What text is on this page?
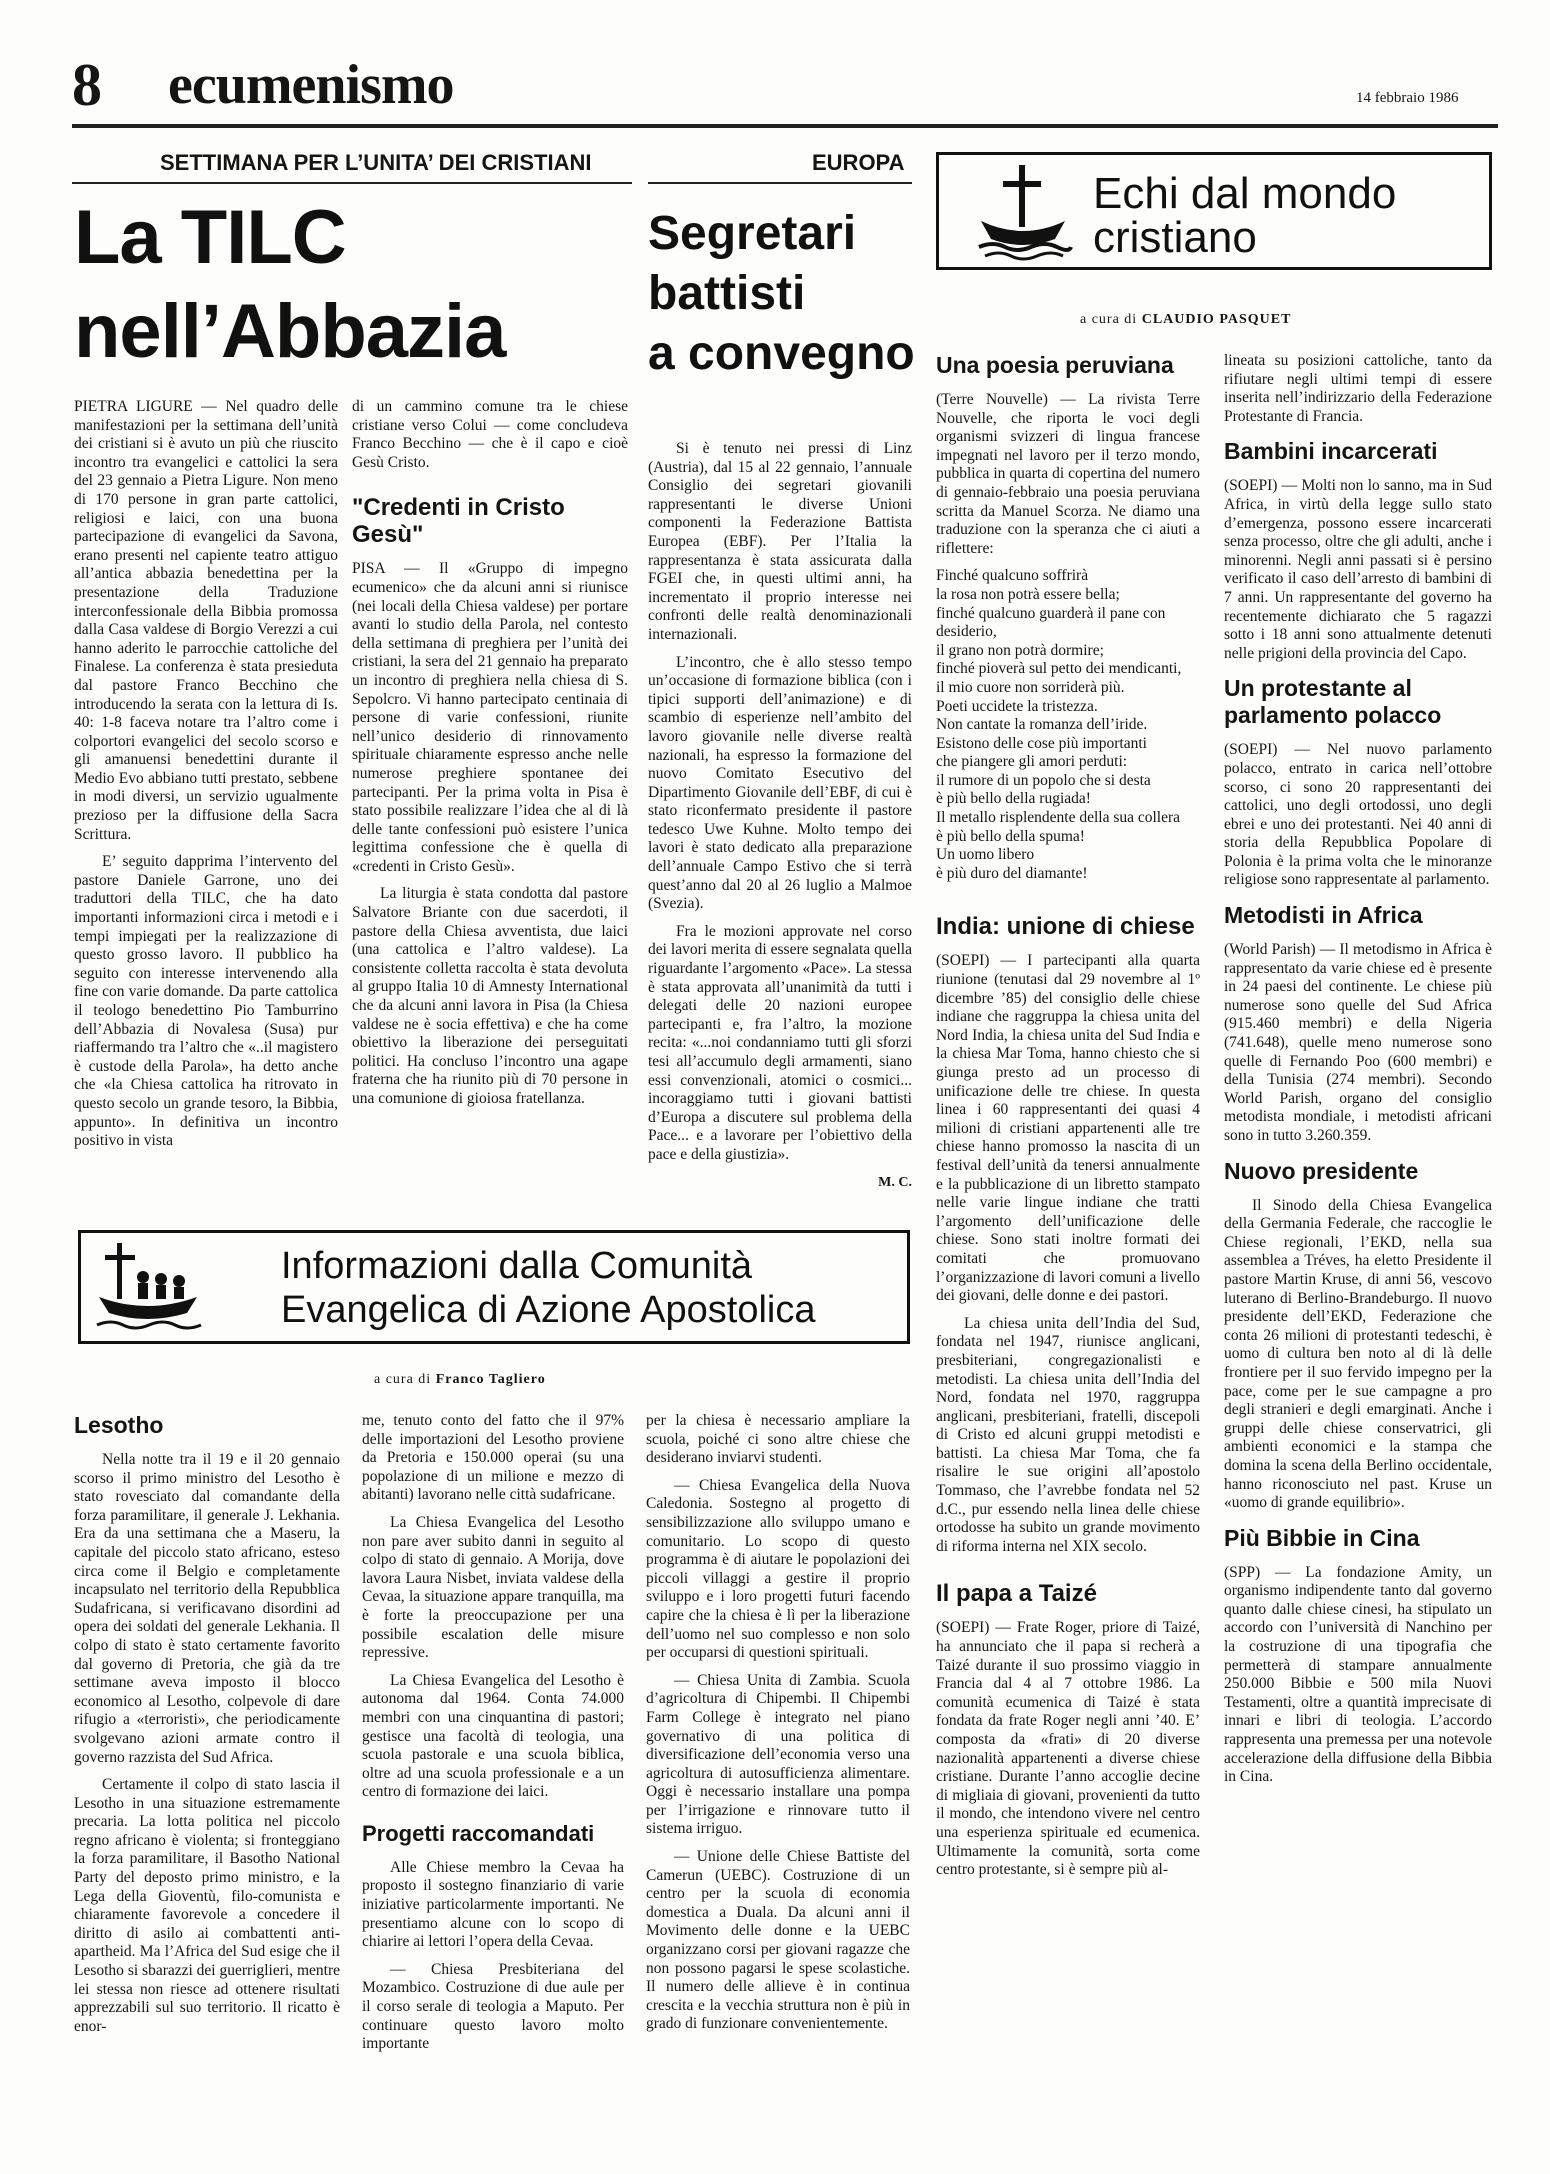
8 ecumenismo	14 febbraio 1986
SETTIMANA PER L’UNITA’ DEI CRISTIANI	EUROPA
Echi dal mondo
cristiano
a cura di CLAUDIO PASQUET
La TILC
nell’Abbazia

PIETRA LIGURE — Nel quadro delle manifestazioni per la settimana dell’unità dei cristiani si è avuto un più che riuscito incontro tra evangelici e cattolici la sera del 23 gennaio a Pietra Ligure. Non meno di 170 persone in gran parte cattolici, religiosi e laici, con una buona partecipazione di evangelici da Savona, erano presenti nel capiente teatro attiguo all’antica abbazia benedettina per la presentazione della Traduzione interconfessionale della Bibbia promossa dalla Casa valdese di Borgio Verezzi a cui hanno aderito le parrocchie cattoliche del Finalese. La conferenza è stata presieduta dal pastore Franco Becchino che introducendo la serata con la lettura di Is. 40: 1-8 faceva notare tra l’altro come i colportori evangelici del secolo scorso e gli amanuensi benedettini durante il Medio Evo abbiano tutti prestato, sebbene in modi diversi, un servizio ugualmente prezioso per la diffusione della Sacra Scrittura.

E’ seguito dapprima l’intervento del pastore Daniele Garrone, uno dei traduttori della TILC, che ha dato importanti informazioni circa i metodi e i tempi impiegati per la realizzazione di questo grosso lavoro. Il pubblico ha seguito con interesse intervenendo alla fine con varie domande. Da parte cattolica il teologo benedettino Pio Tamburrino dell’Abbazia di Novalesa (Susa) pur riaffermando tra l’altro che «..il magistero è custode della Parola», ha detto anche che «la Chiesa cattolica ha ritrovato in questo secolo un grande tesoro, la Bibbia, appunto». In definitiva un incontro positivo in vista

di un cammino comune tra le chiese cristiane verso Colui — come concludeva Franco Becchino — che è il capo e cioè Gesù Cristo.

"Credenti in Cristo Gesù"

PISA — Il «Gruppo di impegno ecumenico» che da alcuni anni si riunisce (nei locali della Chiesa valdese) per portare avanti lo studio della Parola, nel contesto della settimana di preghiera per l’unità dei cristiani, la sera del 21 gennaio ha preparato un incontro di preghiera nella chiesa di S. Sepolcro. Vi hanno partecipato centinaia di persone di varie confessioni, riunite nell’unico desiderio di rinnovamento spirituale chiaramente espresso anche nelle numerose preghiere spontanee dei partecipanti. Per la prima volta in Pisa è stato possibile realizzare l’idea che al di là delle tante confessioni può esistere l’unica legittima confessione che è quella di «credenti in Cristo Gesù».

La liturgia è stata condotta dal pastore Salvatore Briante con due sacerdoti, il pastore della Chiesa avventista, due laici (una cattolica e l’altro valdese). La consistente colletta raccolta è stata devoluta al gruppo Italia 10 di Amnesty International che da alcuni anni lavora in Pisa (la Chiesa valdese ne è socia effettiva) e che ha come obiettivo la liberazione dei perseguitati politici. Ha concluso l’incontro una agape fraterna che ha riunito più di 70 persone in una comunione di gioiosa fratellanza.

Segretari
battisti
a convegno

Si è tenuto nei pressi di Linz (Austria), dal 15 al 22 gennaio, l’annuale Consiglio dei segretari giovanili rappresentanti le diverse Unioni componenti la Federazione Battista Europea (EBF). Per l’Italia la rappresentanza è stata assicurata dalla FGEI che, in questi ultimi anni, ha incrementato il proprio interesse nei confronti delle realtà denominazionali internazionali.

L’incontro, che è allo stesso tempo un’occasione di formazione biblica (con i tipici supporti dell’animazione) e di scambio di esperienze nell’ambito del lavoro giovanile nelle diverse realtà nazionali, ha espresso la formazione del nuovo Comitato Esecutivo del Dipartimento Giovanile dell’EBF, di cui è stato riconfermato presidente il pastore tedesco Uwe Kuhne. Molto tempo dei lavori è stato dedicato alla preparazione dell’annuale Campo Estivo che si terrà quest’anno dal 20 al 26 luglio a Malmoe (Svezia).

Fra le mozioni approvate nel corso dei lavori merita di essere segnalata quella riguardante l’argomento «Pace». La stessa è stata approvata all’unanimità da tutti i delegati delle 20 nazioni europee partecipanti e, fra l’altro, la mozione recita: «...noi condanniamo tutti gli sforzi tesi all’accumulo degli armamenti, siano essi convenzionali, atomici o cosmici... incoraggiamo tutti i giovani battisti d’Europa a discutere sul problema della Pace... e a lavorare per l’obiettivo della pace e della giustizia».

M. C.
Una poesia peruviana

(Terre Nouvelle) — La rivista Terre Nouvelle, che riporta le voci degli organismi svizzeri di lingua francese impegnati nel lavoro per il terzo mondo, pubblica in quarta di copertina del numero di gennaio-febbraio una poesia peruviana scritta da Manuel Scorza. Ne diamo una traduzione con la speranza che ci aiuti a riflettere:

Finché qualcuno soffrirà
la rosa non potrà essere bella;
finché qualcuno guarderà il pane con desiderio,
il grano non potrà dormire;
finché pioverà sul petto dei mendicanti,
il mio cuore non sorriderà più.
Poeti uccidete la tristezza.
Non cantate la romanza dell’iride.
Esistono delle cose più importanti
che piangere gli amori perduti:
il rumore di un popolo che si desta
è più bello della rugiada!
Il metallo risplendente della sua collera
è più bello della spuma!
Un uomo libero
è più duro del diamante!
India: unione di chiese

(SOEPI) — I partecipanti alla quarta riunione (tenutasi dal 29 novembre al 1º dicembre ’85) del consiglio delle chiese indiane che raggruppa la chiesa unita del Nord India, la chiesa unita del Sud India e la chiesa Mar Toma, hanno chiesto che si giunga presto ad un processo di unificazione delle tre chiese. In questa linea i 60 rappresentanti dei quasi 4 milioni di cristiani appartenenti alle tre chiese hanno promosso la nascita di un festival dell’unità da tenersi annualmente e la pubblicazione di un libretto stampato nelle varie lingue indiane che tratti l’argomento dell’unificazione delle chiese. Sono stati inoltre formati dei comitati che promuovano l’organizzazione di lavori comuni a livello dei giovani, delle donne e dei pastori.

La chiesa unita dell’India del Sud, fondata nel 1947, riunisce anglicani, presbiteriani, congregazionalisti e metodisti. La chiesa unita dell’India del Nord, fondata nel 1970, raggruppa anglicani, presbiteriani, fratelli, discepoli di Cristo ed alcuni gruppi metodisti e battisti. La chiesa Mar Toma, che fa risalire le sue origini all’apostolo Tommaso, che l’avrebbe fondata nel 52 d.C., pur essendo nella linea delle chiese ortodosse ha subito un grande movimento di riforma interna nel XIX secolo.

Il papa a Taizé

(SOEPI) — Frate Roger, priore di Taizé, ha annunciato che il papa si recherà a Taizé durante il suo prossimo viaggio in Francia dal 4 al 7 ottobre 1986. La comunità ecumenica di Taizé è stata fondata da frate Roger negli anni ’40. E’ composta da «frati» di 20 diverse nazionalità appartenenti a diverse chiese cristiane. Durante l’anno accoglie decine di migliaia di giovani, provenienti da tutto il mondo, che intendono vivere nel centro una esperienza spirituale ed ecumenica. Ultimamente la comunità, sorta come centro protestante, si è sempre più al-

lineata su posizioni cattoliche, tanto da rifiutare negli ultimi tempi di essere inserita nell’indirizzario della Federazione Protestante di Francia.

Bambini incarcerati

(SOEPI) — Molti non lo sanno, ma in Sud Africa, in virtù della legge sullo stato d’emergenza, possono essere incarcerati senza processo, oltre che gli adulti, anche i minorenni. Negli anni passati si è persino verificato il caso dell’arresto di bambini di 7 anni. Un rappresentante del governo ha recentemente dichiarato che 5 ragazzi sotto i 18 anni sono attualmente detenuti nelle prigioni della provincia del Capo.

Un protestante al parlamento polacco

(SOEPI) — Nel nuovo parlamento polacco, entrato in carica nell’ottobre scorso, ci sono 20 rappresentanti dei cattolici, uno degli ortodossi, uno degli ebrei e uno dei protestanti. Nei 40 anni di storia della Repubblica Popolare di Polonia è la prima volta che le minoranze religiose sono rappresentate al parlamento.

Metodisti in Africa

(World Parish) — Il metodismo in Africa è rappresentato da varie chiese ed è presente in 24 paesi del continente. Le chiese più numerose sono quelle del Sud Africa (915.460 membri) e della Nigeria (741.648), quelle meno numerose sono quelle di Fernando Poo (600 membri) e della Tunisia (274 membri). Secondo World Parish, organo del consiglio metodista mondiale, i metodisti africani sono in tutto 3.260.359.

Nuovo presidente

Il Sinodo della Chiesa Evangelica della Germania Federale, che raccoglie le Chiese regionali, l’EKD, nella sua assemblea a Tréves, ha eletto Presidente il pastore Martin Kruse, di anni 56, vescovo luterano di Berlino-Brandeburgo. Il nuovo presidente dell’EKD, Federazione che conta 26 milioni di protestanti tedeschi, è uomo di cultura ben noto al di là delle frontiere per il suo fervido impegno per la pace, come per le sue campagne a pro degli stranieri e degli emarginati. Anche i gruppi delle chiese conservatrici, gli ambienti economici e la stampa che domina la scena della Berlino occidentale, hanno riconosciuto nel past. Kruse un «uomo di grande equilibrio».

Più Bibbie in Cina

(SPP) — La fondazione Amity, un organismo indipendente tanto dal governo quanto dalle chiese cinesi, ha stipulato un accordo con l’università di Nanchino per la costruzione di una tipografia che permetterà di stampare annualmente 250.000 Bibbie e 500 mila Nuovi Testamenti, oltre a quantità imprecisate di innari e libri di teologia. L’accordo rappresenta una premessa per una notevole accelerazione della diffusione della Bibbia in Cina.

Informazioni dalla Comunità
Evangelica di Azione Apostolica
a cura di Franco Tagliero
Lesotho

Nella notte tra il 19 e il 20 gennaio scorso il primo ministro del Lesotho è stato rovesciato dal comandante della forza paramilitare, il generale J. Lekhania. Era da una settimana che a Maseru, la capitale del piccolo stato africano, esteso circa come il Belgio e completamente incapsulato nel territorio della Repubblica Sudafricana, si verificavano disordini ad opera dei soldati del generale Lekhania. Il colpo di stato è stato certamente favorito dal governo di Pretoria, che già da tre settimane aveva imposto il blocco economico al Lesotho, colpevole di dare rifugio a «terroristi», che periodicamente svolgevano azioni armate contro il governo razzista del Sud Africa.

Certamente il colpo di stato lascia il Lesotho in una situazione estremamente precaria. La lotta politica nel piccolo regno africano è violenta; si fronteggiano la forza paramilitare, il Basotho National Party del deposto primo ministro, e la Lega della Gioventù, filo-comunista e chiaramente favorevole a concedere il diritto di asilo ai combattenti anti-apartheid. Ma l’Africa del Sud esige che il Lesotho si sbarazzi dei guerriglieri, mentre lei stessa non riesce ad ottenere risultati apprezzabili sul suo territorio. Il ricatto è enor-

me, tenuto conto del fatto che il 97% delle importazioni del Lesotho proviene da Pretoria e 150.000 operai (su una popolazione di un milione e mezzo di abitanti) lavorano nelle città sudafricane.

La Chiesa Evangelica del Lesotho non pare aver subito danni in seguito al colpo di stato di gennaio. A Morija, dove lavora Laura Nisbet, inviata valdese della Cevaa, la situazione appare tranquilla, ma è forte la preoccupazione per una possibile escalation delle misure repressive.

La Chiesa Evangelica del Lesotho è autonoma dal 1964. Conta 74.000 membri con una cinquantina di pastori; gestisce una facoltà di teologia, una scuola pastorale e una scuola biblica, oltre ad una scuola professionale e a un centro di formazione dei laici.

Progetti raccomandati

Alle Chiese membro la Cevaa ha proposto il sostegno finanziario di varie iniziative particolarmente importanti. Ne presentiamo alcune con lo scopo di chiarire ai lettori l’opera della Cevaa.

— Chiesa Presbiteriana del Mozambico. Costruzione di due aule per il corso serale di teologia a Maputo. Per continuare questo lavoro molto importante

per la chiesa è necessario ampliare la scuola, poiché ci sono altre chiese che desiderano inviarvi studenti.

— Chiesa Evangelica della Nuova Caledonia. Sostegno al progetto di sensibilizzazione allo sviluppo umano e comunitario. Lo scopo di questo programma è di aiutare le popolazioni dei piccoli villaggi a gestire il proprio sviluppo e i loro progetti futuri facendo capire che la chiesa è lì per la liberazione dell’uomo nel suo complesso e non solo per occuparsi di questioni spirituali.

— Chiesa Unita di Zambia. Scuola d’agricoltura di Chipembi. Il Chipembi Farm College è integrato nel piano governativo di una politica di diversificazione dell’economia verso una agricoltura di autosufficienza alimentare. Oggi è necessario installare una pompa per l’irrigazione e rinnovare tutto il sistema irriguo.

— Unione delle Chiese Battiste del Camerun (UEBC). Costruzione di un centro per la scuola di economia domestica a Duala. Da alcuni anni il Movimento delle donne e la UEBC organizzano corsi per giovani ragazze che non possono pagarsi le spese scolastiche. Il numero delle allieve è in continua crescita e la vecchia struttura non è più in grado di funzionare convenientemente.
